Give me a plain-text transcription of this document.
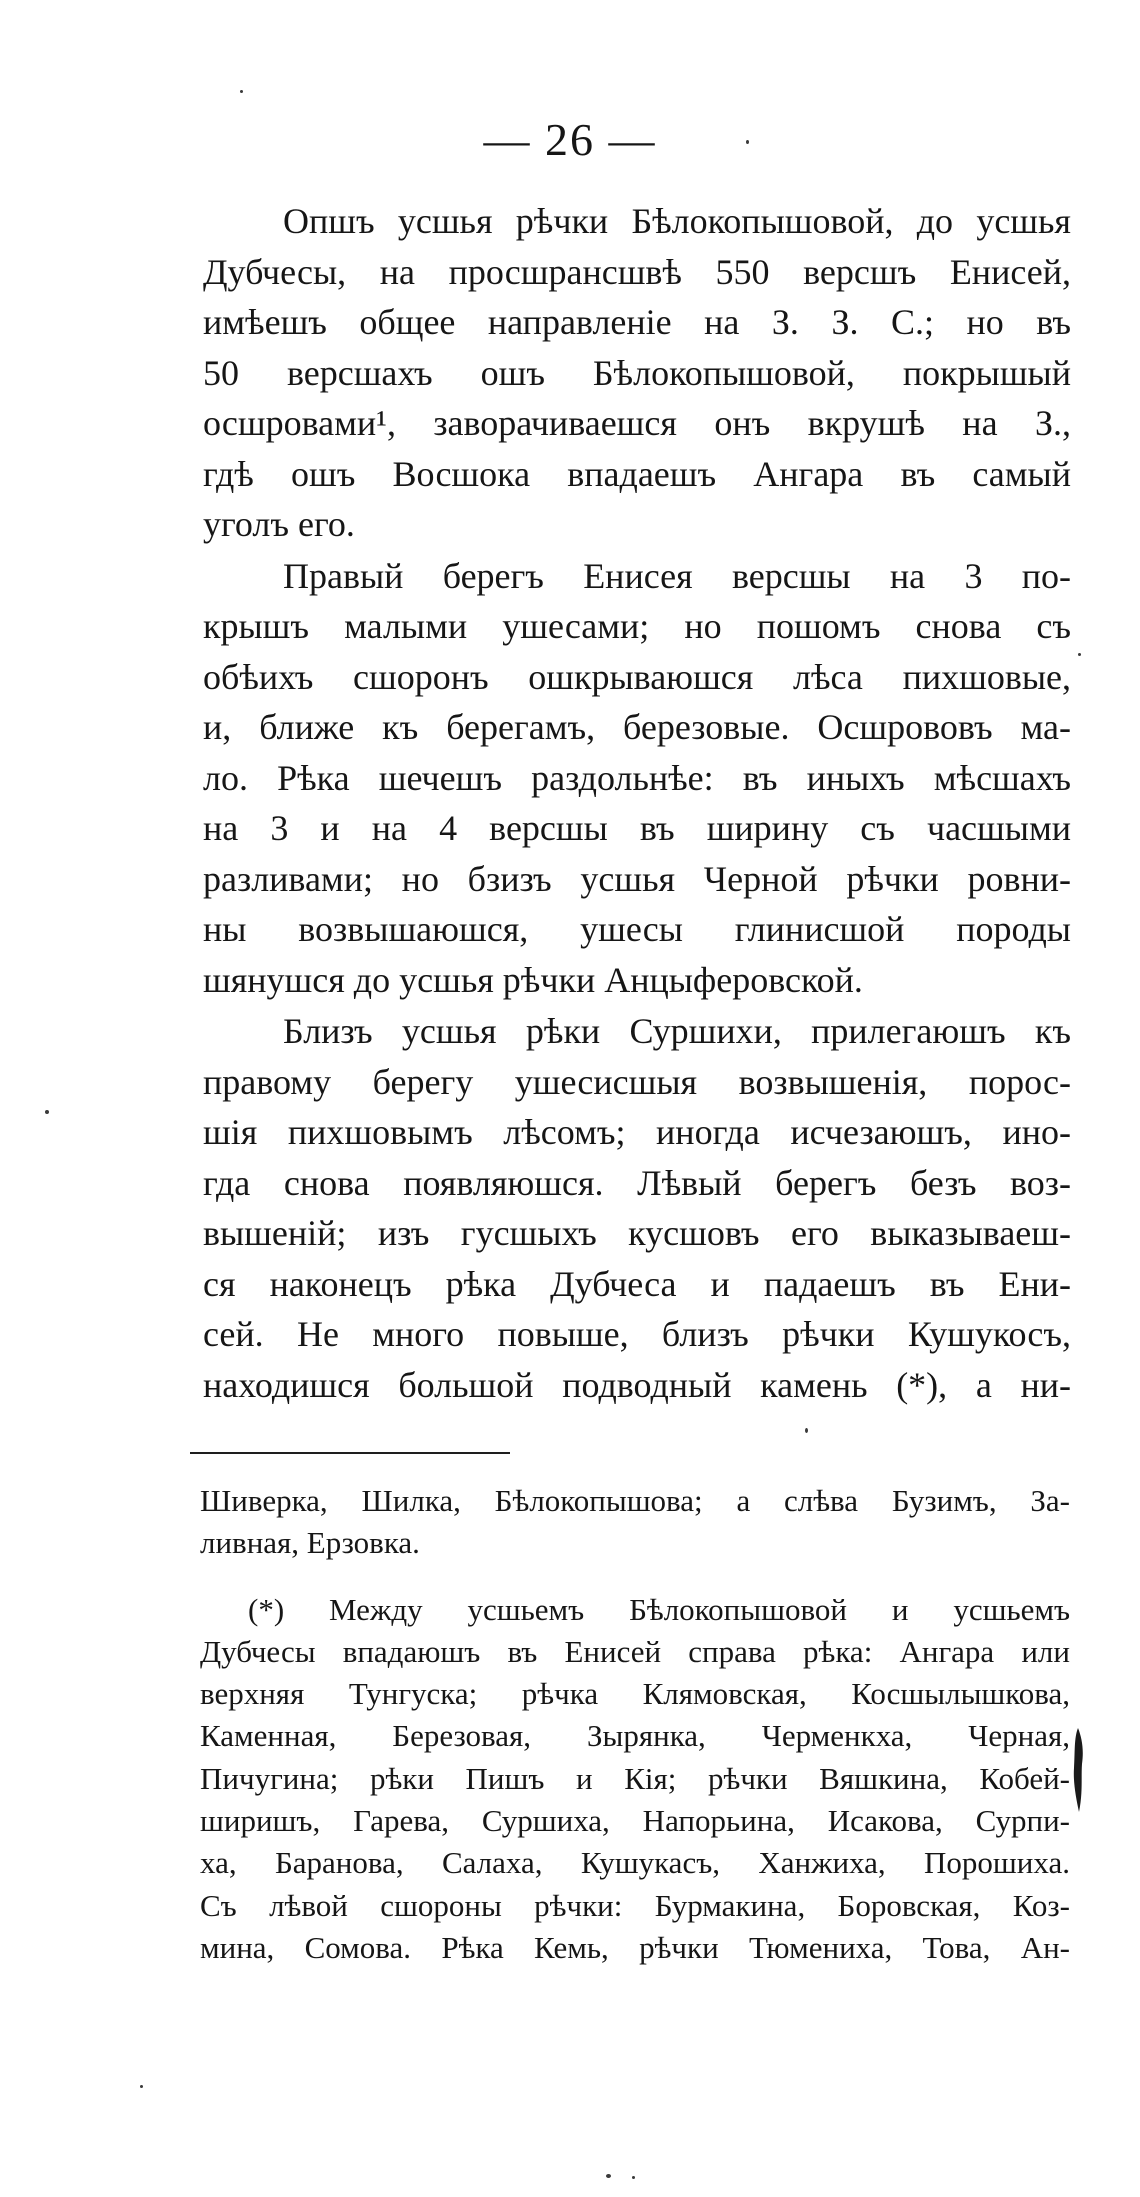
— 26 —
Опшъ усшья рѣчки Бѣлокопышовой, до усшья
Дубчесы, на просшрансшвѣ 550 версшъ Енисей,
имѣешъ общее направленіе на З. З. С.; но въ
50 версшахъ ошъ Бѣлокопышовой, покрышый
осшровами¹, заворачиваешся онъ вкрушѣ на З.,
гдѣ ошъ Восшока впадаешъ Ангара въ самый
уголъ его.
Правый берегъ Енисея версшы на 3 по-
крышъ малыми ушесами; но пошомъ снова съ
обѣихъ сшоронъ ошкрываюшся лѣса пихшовые,
и, ближе къ берегамъ, березовые. Осшрововъ ма-
ло. Рѣка шечешъ раздольнѣе: въ иныхъ мѣсшахъ
на 3 и на 4 версшы въ ширину съ часшыми
разливами; но бзизъ усшья Черной рѣчки ровни-
ны возвышаюшся, ушесы глинисшой породы
шянушся до усшья рѣчки Анцыферовской.
Близъ усшья рѣки Суршихи, прилегаюшъ къ
правому берегу ушесисшыя возвышенія, порос-
шія пихшовымъ лѣсомъ; иногда исчезаюшъ, ино-
гда снова появляюшся. Лѣвый берегъ безъ воз-
вышеній; изъ гусшыхъ кусшовъ его выказываеш-
ся наконецъ рѣка Дубчеса и падаешъ въ Ени-
сей. Не много повыше, близъ рѣчки Кушукосъ,
находишся большой подводный камень (*), а ни-
Шиверка, Шилка, Бѣлокопышова; а слѣва Бузимъ, За-
ливная, Ерзовка.
(*) Между усшьемъ Бѣлокопышовой и усшьемъ
Дубчесы впадаюшъ въ Енисей справа рѣка: Ангара или
верхняя Тунгуска; рѣчка Клямовская, Косшылышкова,
Каменная, Березовая, Зырянка, Черменкха, Черная,
Пичугина; рѣки Пишъ и Кія; рѣчки Вяшкина, Кобей-
ширишъ, Гарева, Суршиха, Напорьина, Исакова, Сурпи-
ха, Баранова, Салаха, Кушукасъ, Ханжиха, Порошиха.
Съ лѣвой сшороны рѣчки: Бурмакина, Боровская, Коз-
мина, Сомова. Рѣка Кемь, рѣчки Тюмениха, Това, Ан-
